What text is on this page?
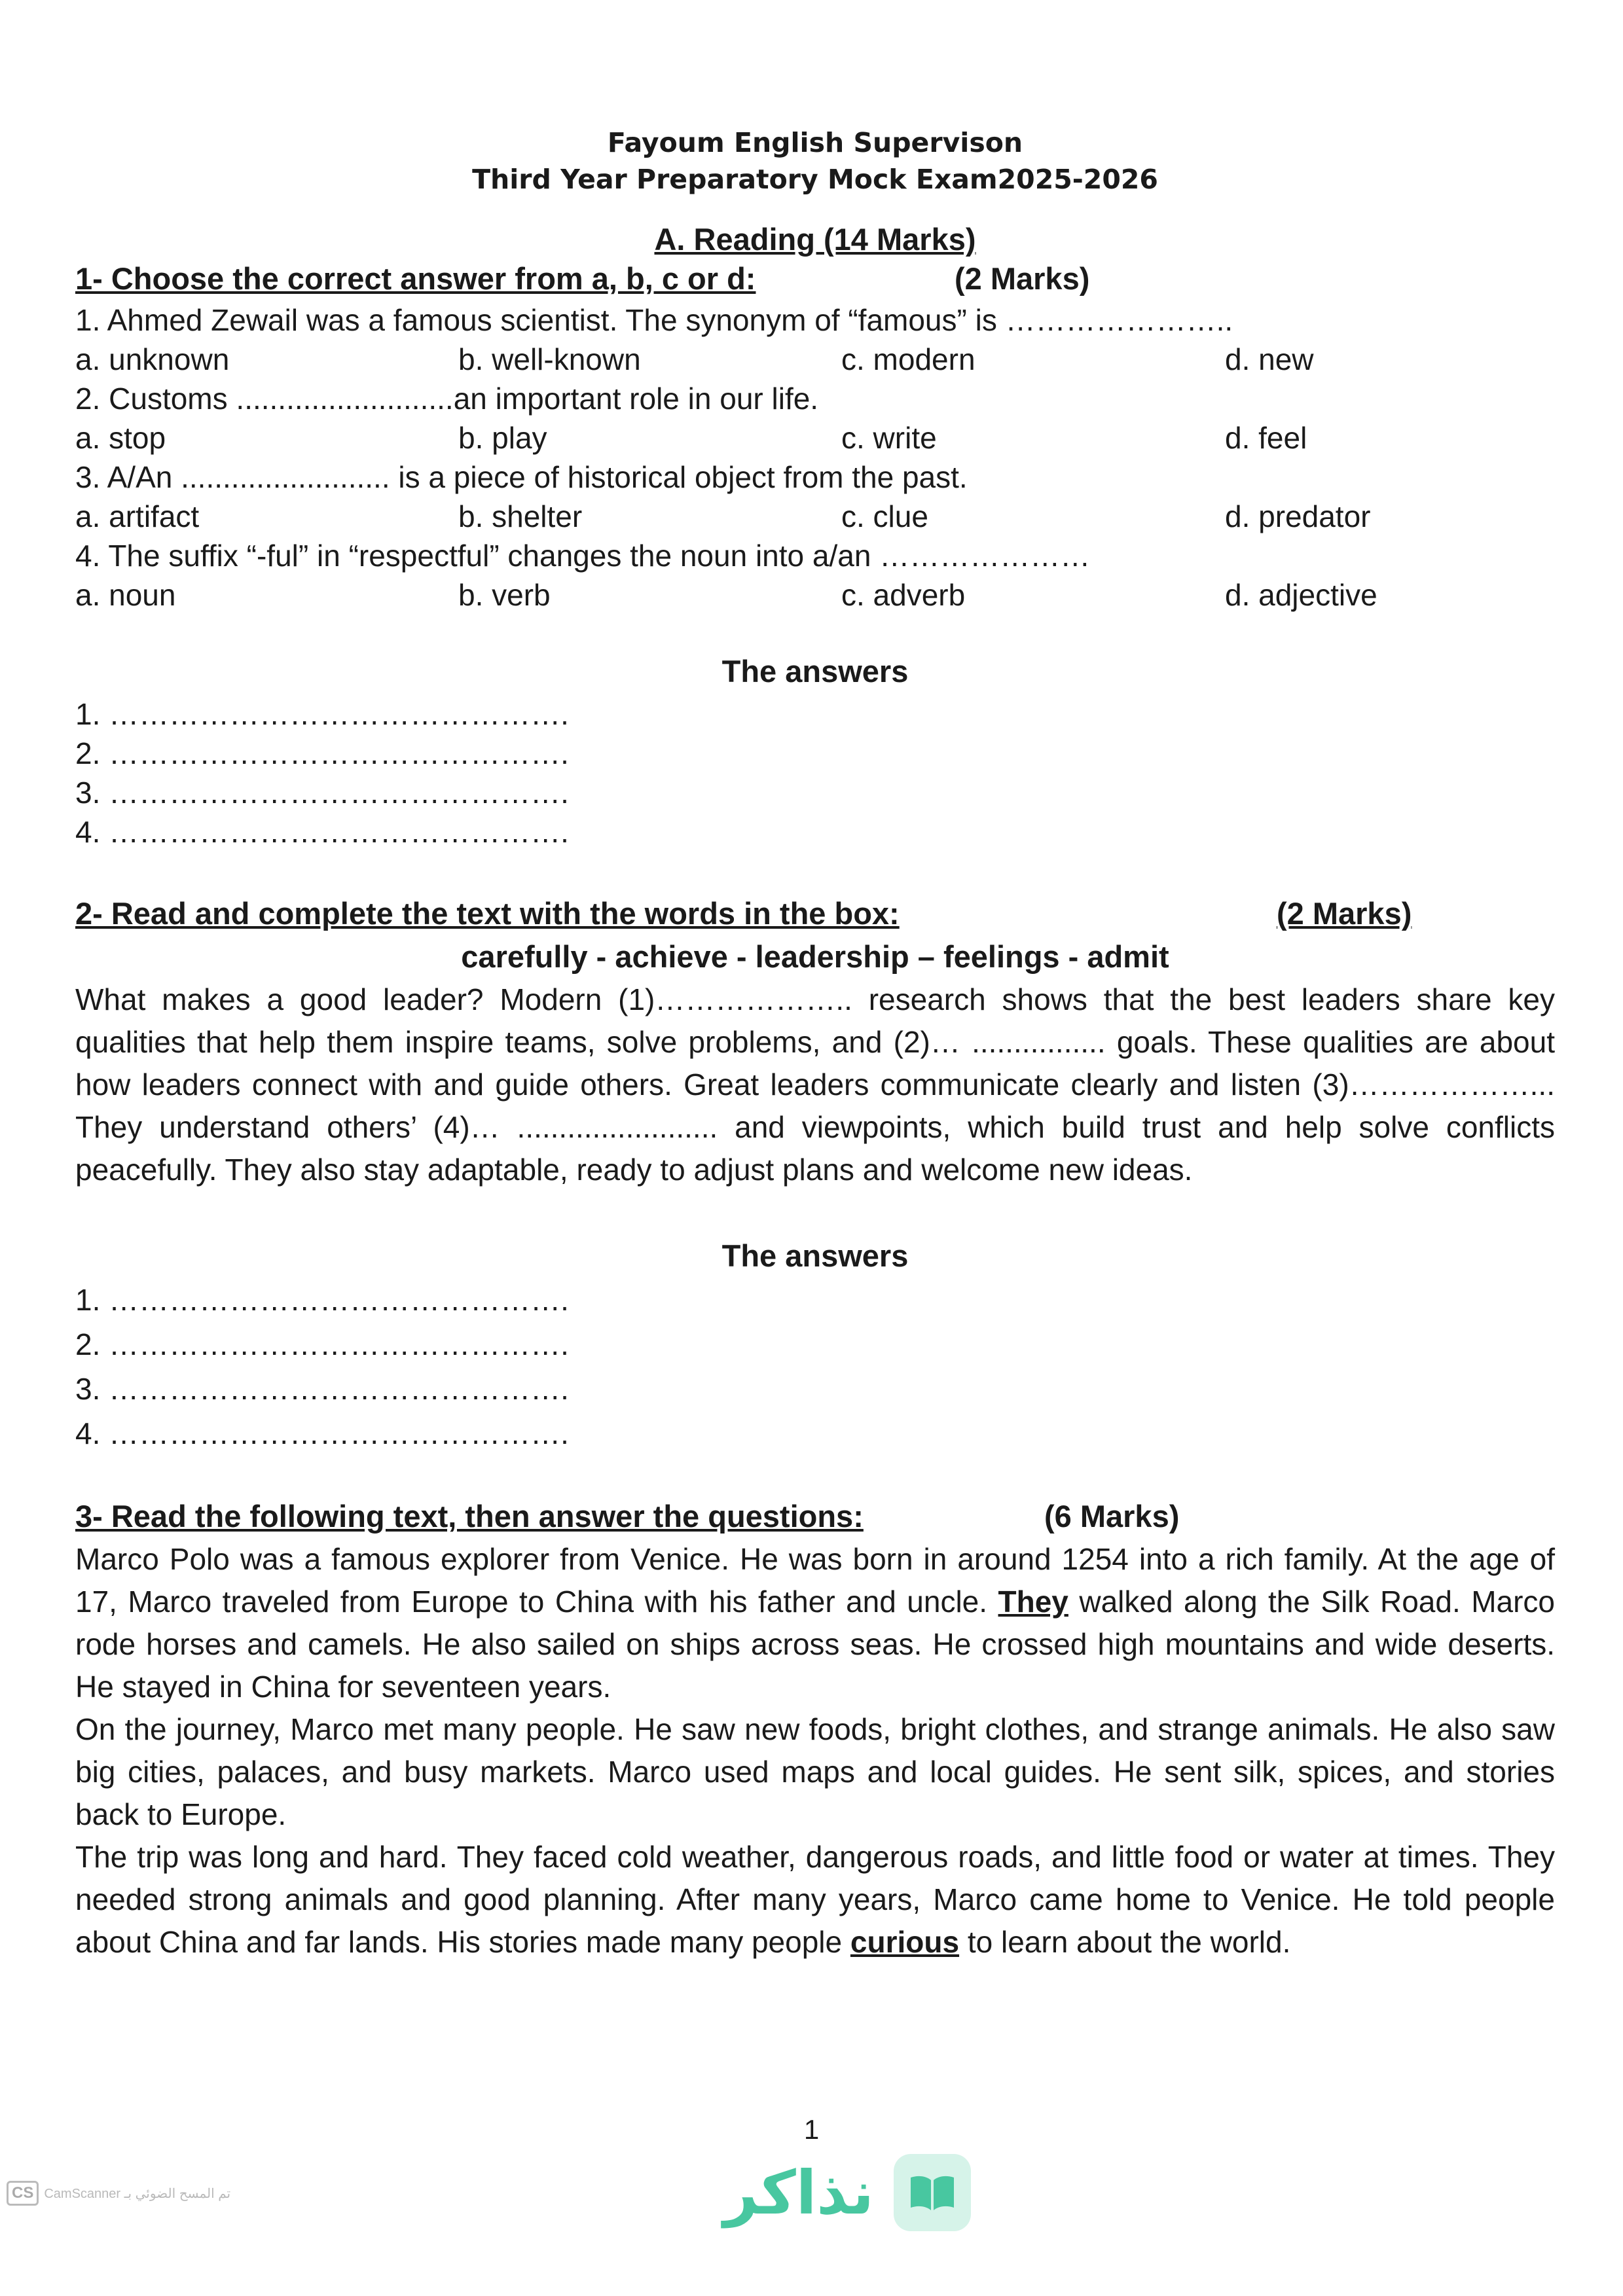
Fayoum English Supervison
Third Year Preparatory Mock Exam2025-2026
A. Reading (14 Marks)
1- Choose the correct answer from a, b, c or d:	(2 Marks)
1. Ahmed Zewail was a famous scientist. The synonym of “famous” is …………………..
a. unknown	b. well-known	c. modern	d. new
2. Customs ..........................an important role in our life.
a. stop	b. play	c. write	d. feel
3. A/An ......................... is a piece of historical object from the past.
a. artifact	b. shelter	c. clue	d. predator
4. The suffix “-ful” in “respectful” changes the noun into a/an …………………
a. noun	b. verb	c. adverb	d. adjective
The answers
1. ……………………………………….
2. ……………………………………….
3. ……………………………………….
4. ……………………………………….
2- Read and complete the text with the words in the box:	(2 Marks)
carefully - achieve - leadership – feelings - admit
What makes a good leader? Modern (1)……………….. research shows that the best leaders share key qualities that help them inspire teams, solve problems, and (2)… ................ goals. These qualities are about how leaders connect with and guide others. Great leaders communicate clearly and listen (3)………………... They understand others’ (4)… ........................ and viewpoints, which build trust and help solve conflicts peacefully. They also stay adaptable, ready to adjust plans and welcome new ideas.
The answers
1. ……………………………………….
2. ……………………………………….
3. ……………………………………….
4. ……………………………………….
3- Read the following text, then answer the questions:	(6 Marks)
Marco Polo was a famous explorer from Venice. He was born in around 1254 into a rich family. At the age of 17, Marco traveled from Europe to China with his father and uncle. They walked along the Silk Road. Marco rode horses and camels. He also sailed on ships across seas. He crossed high mountains and wide deserts. He stayed in China for seventeen years.
On the journey, Marco met many people. He saw new foods, bright clothes, and strange animals. He also saw big cities, palaces, and busy markets. Marco used maps and local guides. He sent silk, spices, and stories back to Europe.
The trip was long and hard. They faced cold weather, dangerous roads, and little food or water at times. They needed strong animals and good planning. After many years, Marco came home to Venice. He told people about China and far lands. His stories made many people curious to learn about the world.
1
نذاكر
CS CamScanner تم المسح الضوئي بـ
